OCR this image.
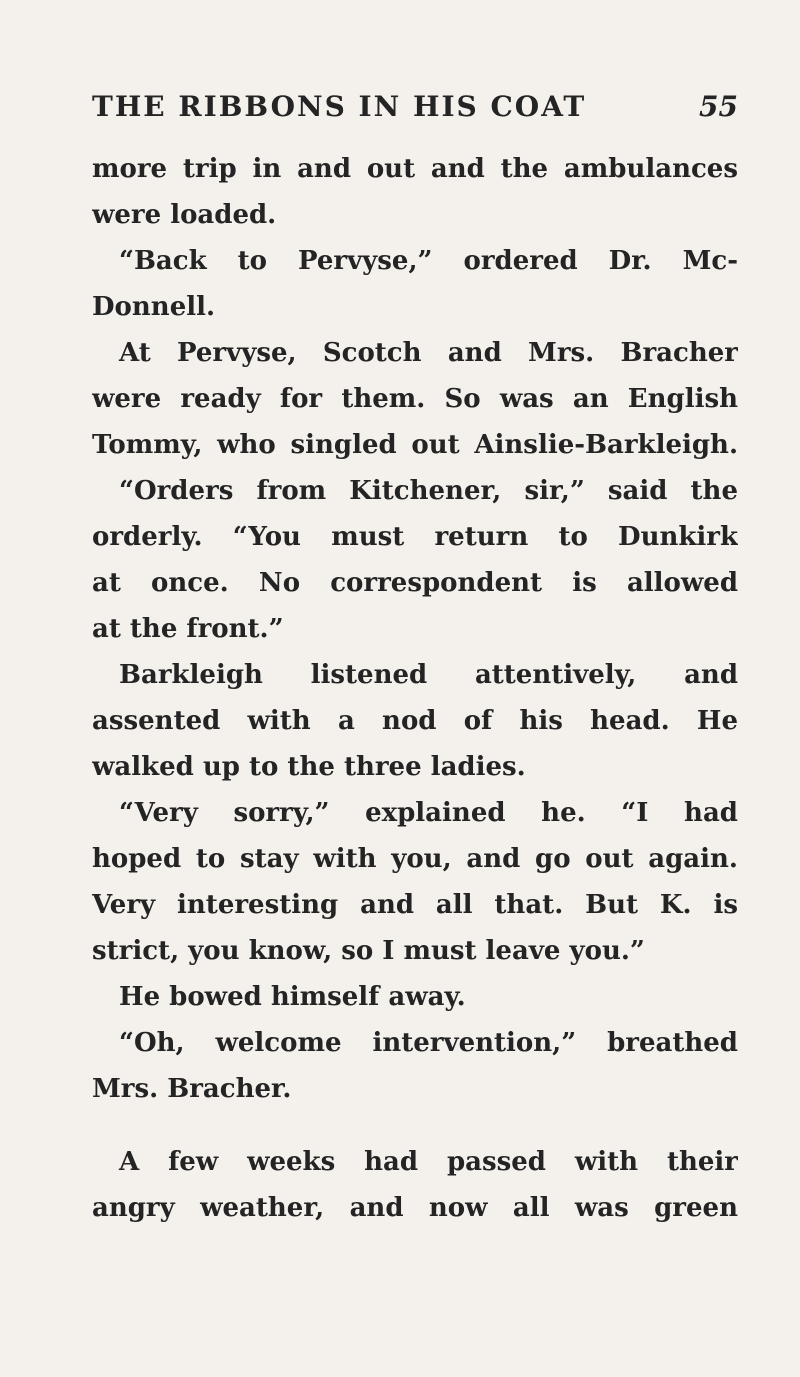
THE RIBBONS IN HIS COAT	55
more trip in and out and the ambulances
were loaded.
“Back to Pervyse,” ordered Dr. Mc-
Donnell.
At Pervyse, Scotch and Mrs. Bracher
were ready for them. So was an English
Tommy, who singled out Ainslie-Barkleigh.
“Orders from Kitchener, sir,” said the
orderly. “You must return to Dunkirk
at once. No correspondent is allowed
at the front.”
Barkleigh listened attentively, and
assented with a nod of his head. He
walked up to the three ladies.
“Very sorry,” explained he. “I had
hoped to stay with you, and go out again.
Very interesting and all that. But K. is
strict, you know, so I must leave you.”
He bowed himself away.
“Oh, welcome intervention,” breathed
Mrs. Bracher.
A few weeks had passed with their
angry weather, and now all was green
